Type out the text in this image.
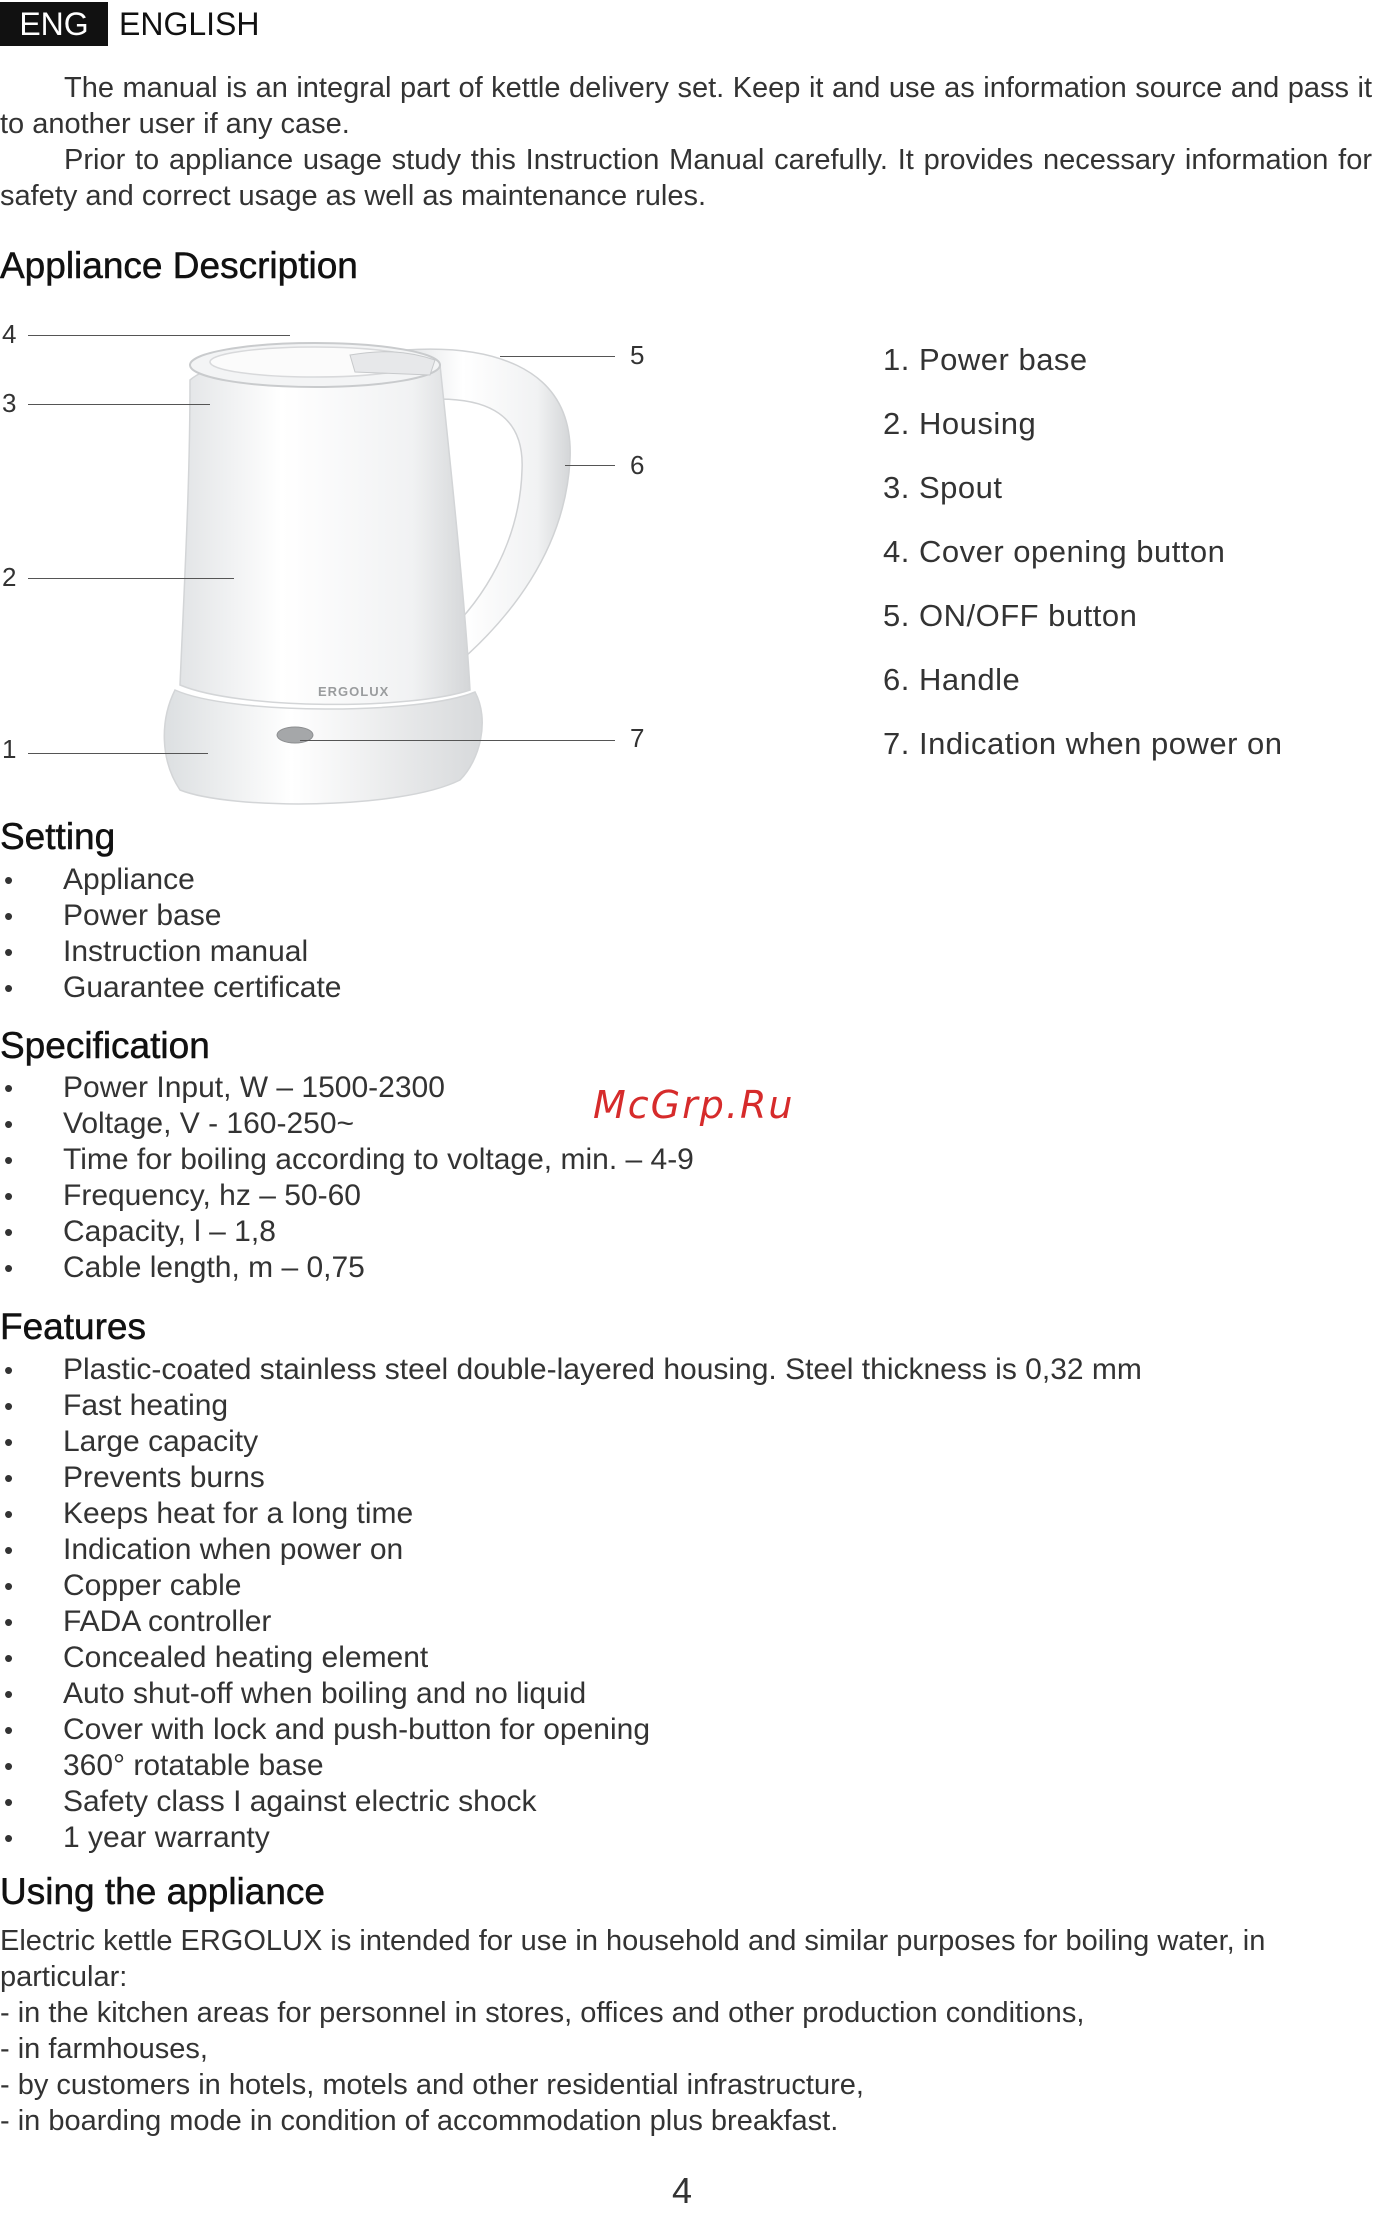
ENG ENGLISH

The manual is an integral part of kettle delivery set. Keep it and use as information source and pass it to another user if any case.

Prior to appliance usage study this Instruction Manual carefully. It provides necessary information for safety and correct usage as well as maintenance rules.

Appliance Description
ERGOLUX
4
3
2
1
5
6
7
1. Power base
2. Housing
3. Spout
4. Cover opening button
5. ON/OFF button
6. Handle
7. Indication when power on
Setting
• Appliance
• Power base
• Instruction manual
• Guarantee certificate
Specification
• Power Input, W – 1500-2300
• Voltage, V - 160-250~
• Time for boiling according to voltage, min. – 4-9
• Frequency, hz – 50-60
• Capacity, l – 1,8
• Cable length, m – 0,75
McGrp.Ru
Features
• Plastic-coated stainless steel double-layered housing. Steel thickness is 0,32 mm
• Fast heating
• Large capacity
• Prevents burns
• Keeps heat for a long time
• Indication when power on
• Copper cable
• FADA controller
• Concealed heating element
• Auto shut-off when boiling and no liquid
• Cover with lock and push-button for opening
• 360° rotatable base
• Safety class I against electric shock
• 1 year warranty
Using the appliance

Electric kettle ERGOLUX is intended for use in household and similar purposes for boiling water, in particular:

- in the kitchen areas for personnel in stores, offices and other production conditions,

- in farmhouses,

- by customers in hotels, motels and other residential infrastructure,

- in boarding mode in condition of accommodation plus breakfast.

4
